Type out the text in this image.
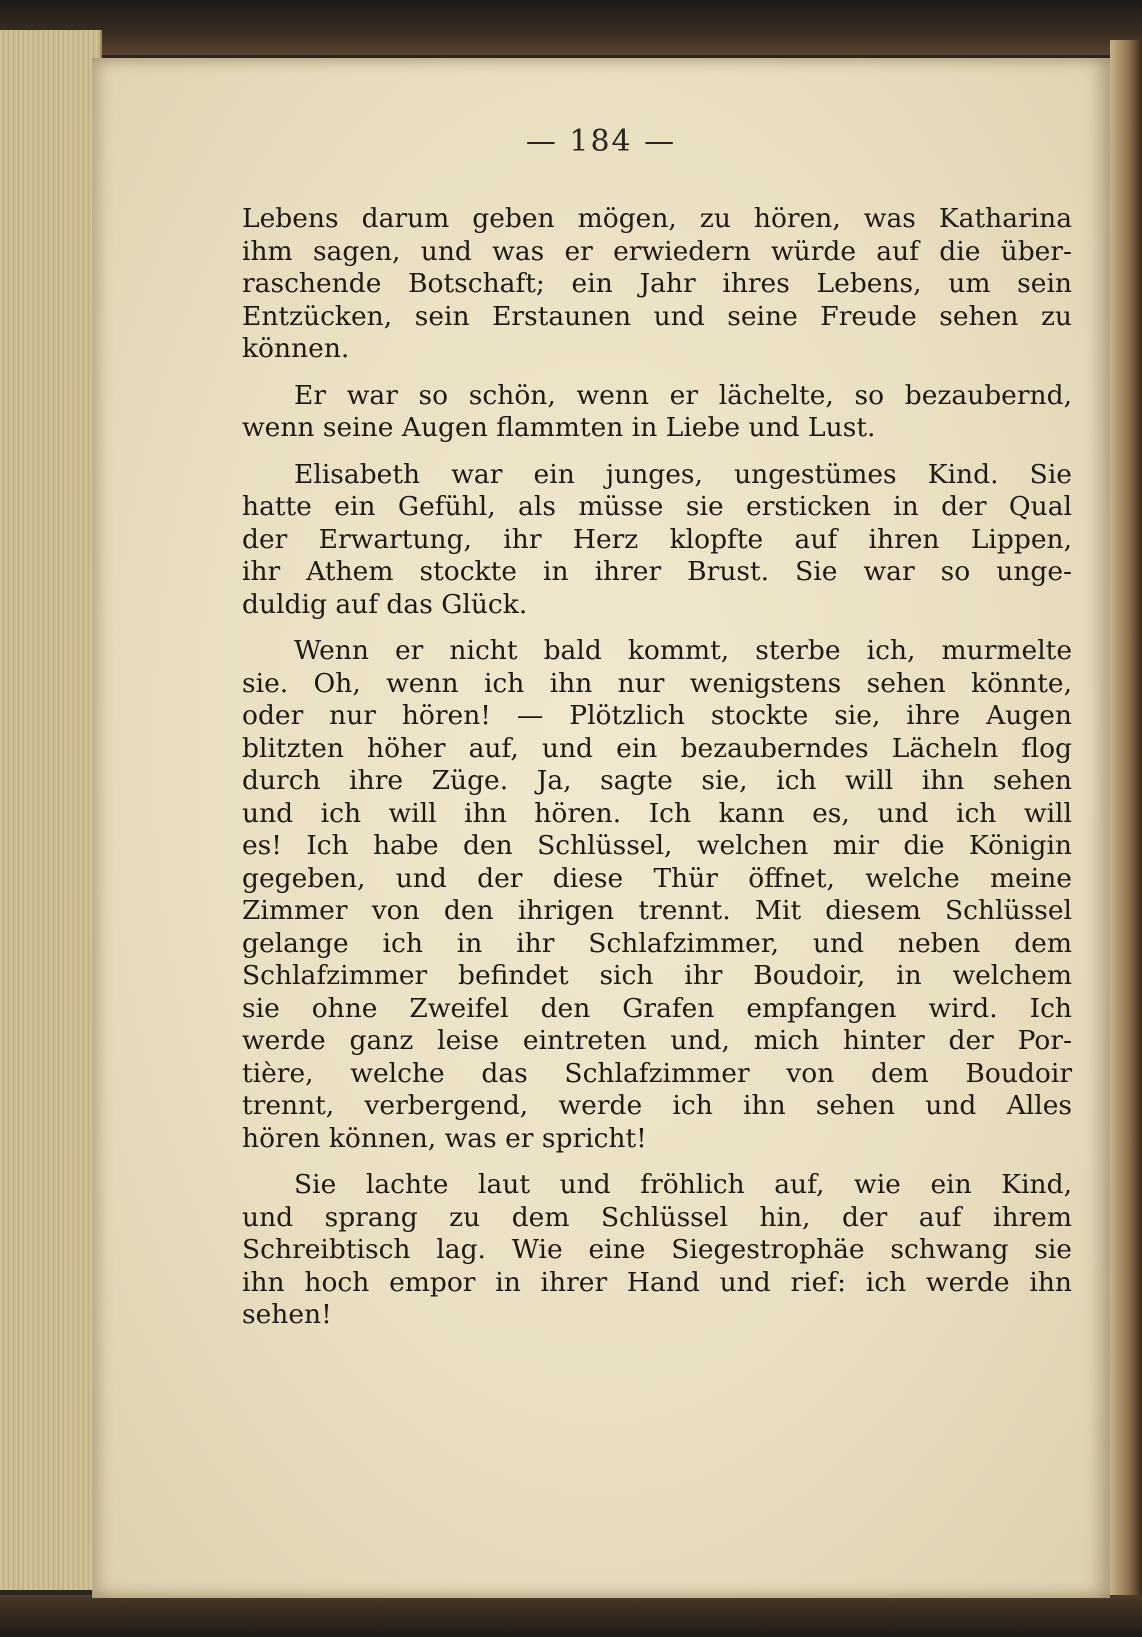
— 184 —

Lebens darum geben mögen, zu hören, was Katharina
ihm sagen, und was er erwiedern würde auf die über-
raschende Botschaft; ein Jahr ihres Lebens, um sein
Entzücken, sein Erstaunen und seine Freude sehen zu
können.

Er war so schön, wenn er lächelte, so bezaubernd,
wenn seine Augen flammten in Liebe und Lust.

Elisabeth war ein junges, ungestümes Kind. Sie
hatte ein Gefühl, als müsse sie ersticken in der Qual
der Erwartung, ihr Herz klopfte auf ihren Lippen,
ihr Athem stockte in ihrer Brust. Sie war so unge-
duldig auf das Glück.

Wenn er nicht bald kommt, sterbe ich, murmelte
sie. Oh, wenn ich ihn nur wenigstens sehen könnte,
oder nur hören! — Plötzlich stockte sie, ihre Augen
blitzten höher auf, und ein bezauberndes Lächeln flog
durch ihre Züge. Ja, sagte sie, ich will ihn sehen
und ich will ihn hören. Ich kann es, und ich will
es! Ich habe den Schlüssel, welchen mir die Königin
gegeben, und der diese Thür öffnet, welche meine
Zimmer von den ihrigen trennt. Mit diesem Schlüssel
gelange ich in ihr Schlafzimmer, und neben dem
Schlafzimmer befindet sich ihr Boudoir, in welchem
sie ohne Zweifel den Grafen empfangen wird. Ich
werde ganz leise eintreten und, mich hinter der Por-
tière, welche das Schlafzimmer von dem Boudoir
trennt, verbergend, werde ich ihn sehen und Alles
hören können, was er spricht!

Sie lachte laut und fröhlich auf, wie ein Kind,
und sprang zu dem Schlüssel hin, der auf ihrem
Schreibtisch lag. Wie eine Siegestrophäe schwang sie
ihn hoch empor in ihrer Hand und rief: ich werde ihn
sehen!
